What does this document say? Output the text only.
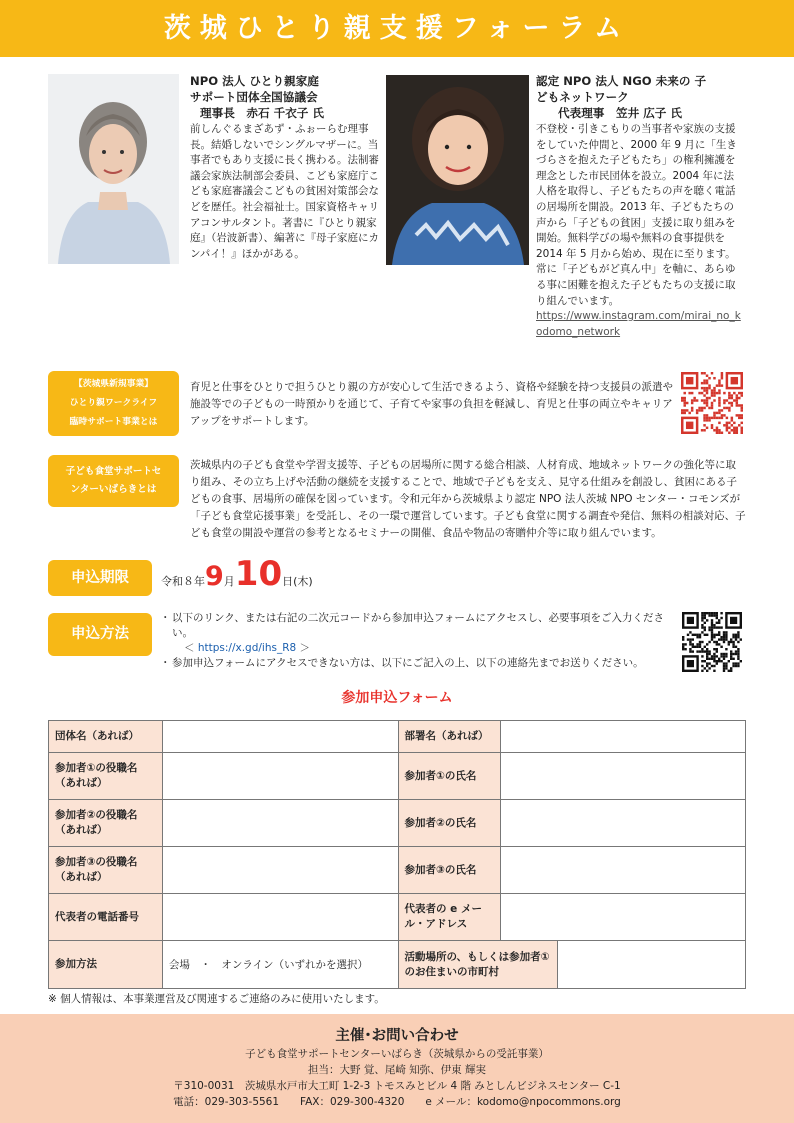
茨城ひとり親支援フォーラム
NPO 法人 ひとり親家庭
サポート団体全国協議会
理事長　赤石 千衣子 氏
前しんぐるまざあず・ふぉーらむ理事長。結婚しないでシングルマザーに。当事者でもあり支援に長く携わる。法制審議会家族法制部会委員、こども家庭庁こども家庭審議会こどもの貧困対策部会などを歴任。社会福祉士。国家資格キャリアコンサルタント。著書に『ひとり親家庭』（岩波新書）、編著に『母子家庭にカンパイ！』ほかがある。
認定 NPO 法人 NGO 未来の 子
どもネットワーク
代表理事　笠井 広子 氏
不登校・引きこもりの当事者や家族の支援をしていた仲間と、2000 年 9 月に「生きづらさを抱えた子どもたち」の権利擁護を理念とした市民団体を設立。2004 年に法人格を取得し、子どもたちの声を聴く電話の居場所を開設。2013 年、子どもたちの声から「子どもの貧困」支援に取り組みを開始。無料学びの場や無料の食事提供を 2014 年 5 月から始め、現在に至ります。常に「子どもがど真ん中」を軸に、あらゆる事に困難を抱えた子どもたちの支援に取り組んでいます。
https://www.instagram.com/mirai_no_kodomo_network
【茨城県新規事業】
ひとり親ワークライフ
臨時サポート事業とは
育児と仕事をひとりで担うひとり親の方が安心して生活できるよう、資格や経験を持つ支援員の派遣や施設等での子どもの一時預かりを通じて、子育てや家事の負担を軽減し、育児と仕事の両立やキャリアアップをサポートします。
子ども食堂サポートセ
ンターいばらきとは
茨城県内の子ども食堂や学習支援等、子どもの居場所に関する総合相談、人材育成、地域ネットワークの強化等に取り組み、その立ち上げや活動の継続を支援することで、地域で子どもを支え、見守る仕組みを創設し、貧困にある子どもの食事、居場所の確保を図っています。令和元年から茨城県より認定 NPO 法人茨城 NPO センター・コモンズが「子ども食堂応援事業」を受託し、その一環で運営しています。子ども食堂に関する調査や発信、無料の相談対応、子ども食堂の開設や運営の参考となるセミナーの開催、食品や物品の寄贈仲介等に取り組んでいます。
申込期限	令和８年 9 月 10 日 (木)
申込方法
・ 以下のリンク、または右記の二次元コードから参加申込フォームにアクセスし、必要事項をご入力ください。
＜ https://x.gd/ihs_R8 ＞
・ 参加申込フォームにアクセスできない方は、以下にご記入の上、以下の連絡先までお送りください。
参加申込フォーム
団体名（あれば）		部署名（あれば）		
参加者①の役職名（あれば）		参加者①の氏名		
参加者②の役職名（あれば）		参加者②の氏名		
参加者③の役職名（あれば）		参加者③の氏名		
代表者の電話番号		代表者の e メール・アドレス		
参加方法	会場　・　オンライン（いずれかを選択）	活動場所の、もしくは参加者①のお住まいの市町村		
※ 個人情報は、本事業運営及び関連するご連絡のみに使用いたします。
主催･お問い合わせ
子ども食堂サポートセンターいばらき（茨城県からの受託事業）
担当：大野 覚、尾崎 知弥、伊東 輝実
〒310-0031　茨城県水戸市大工町 1-2-3 トモスみとビル 4 階 みとしんビジネスセンター C-1
電話：029-303-5561　　FAX：029-300-4320　　e メール：kodomo@npocommons.org
